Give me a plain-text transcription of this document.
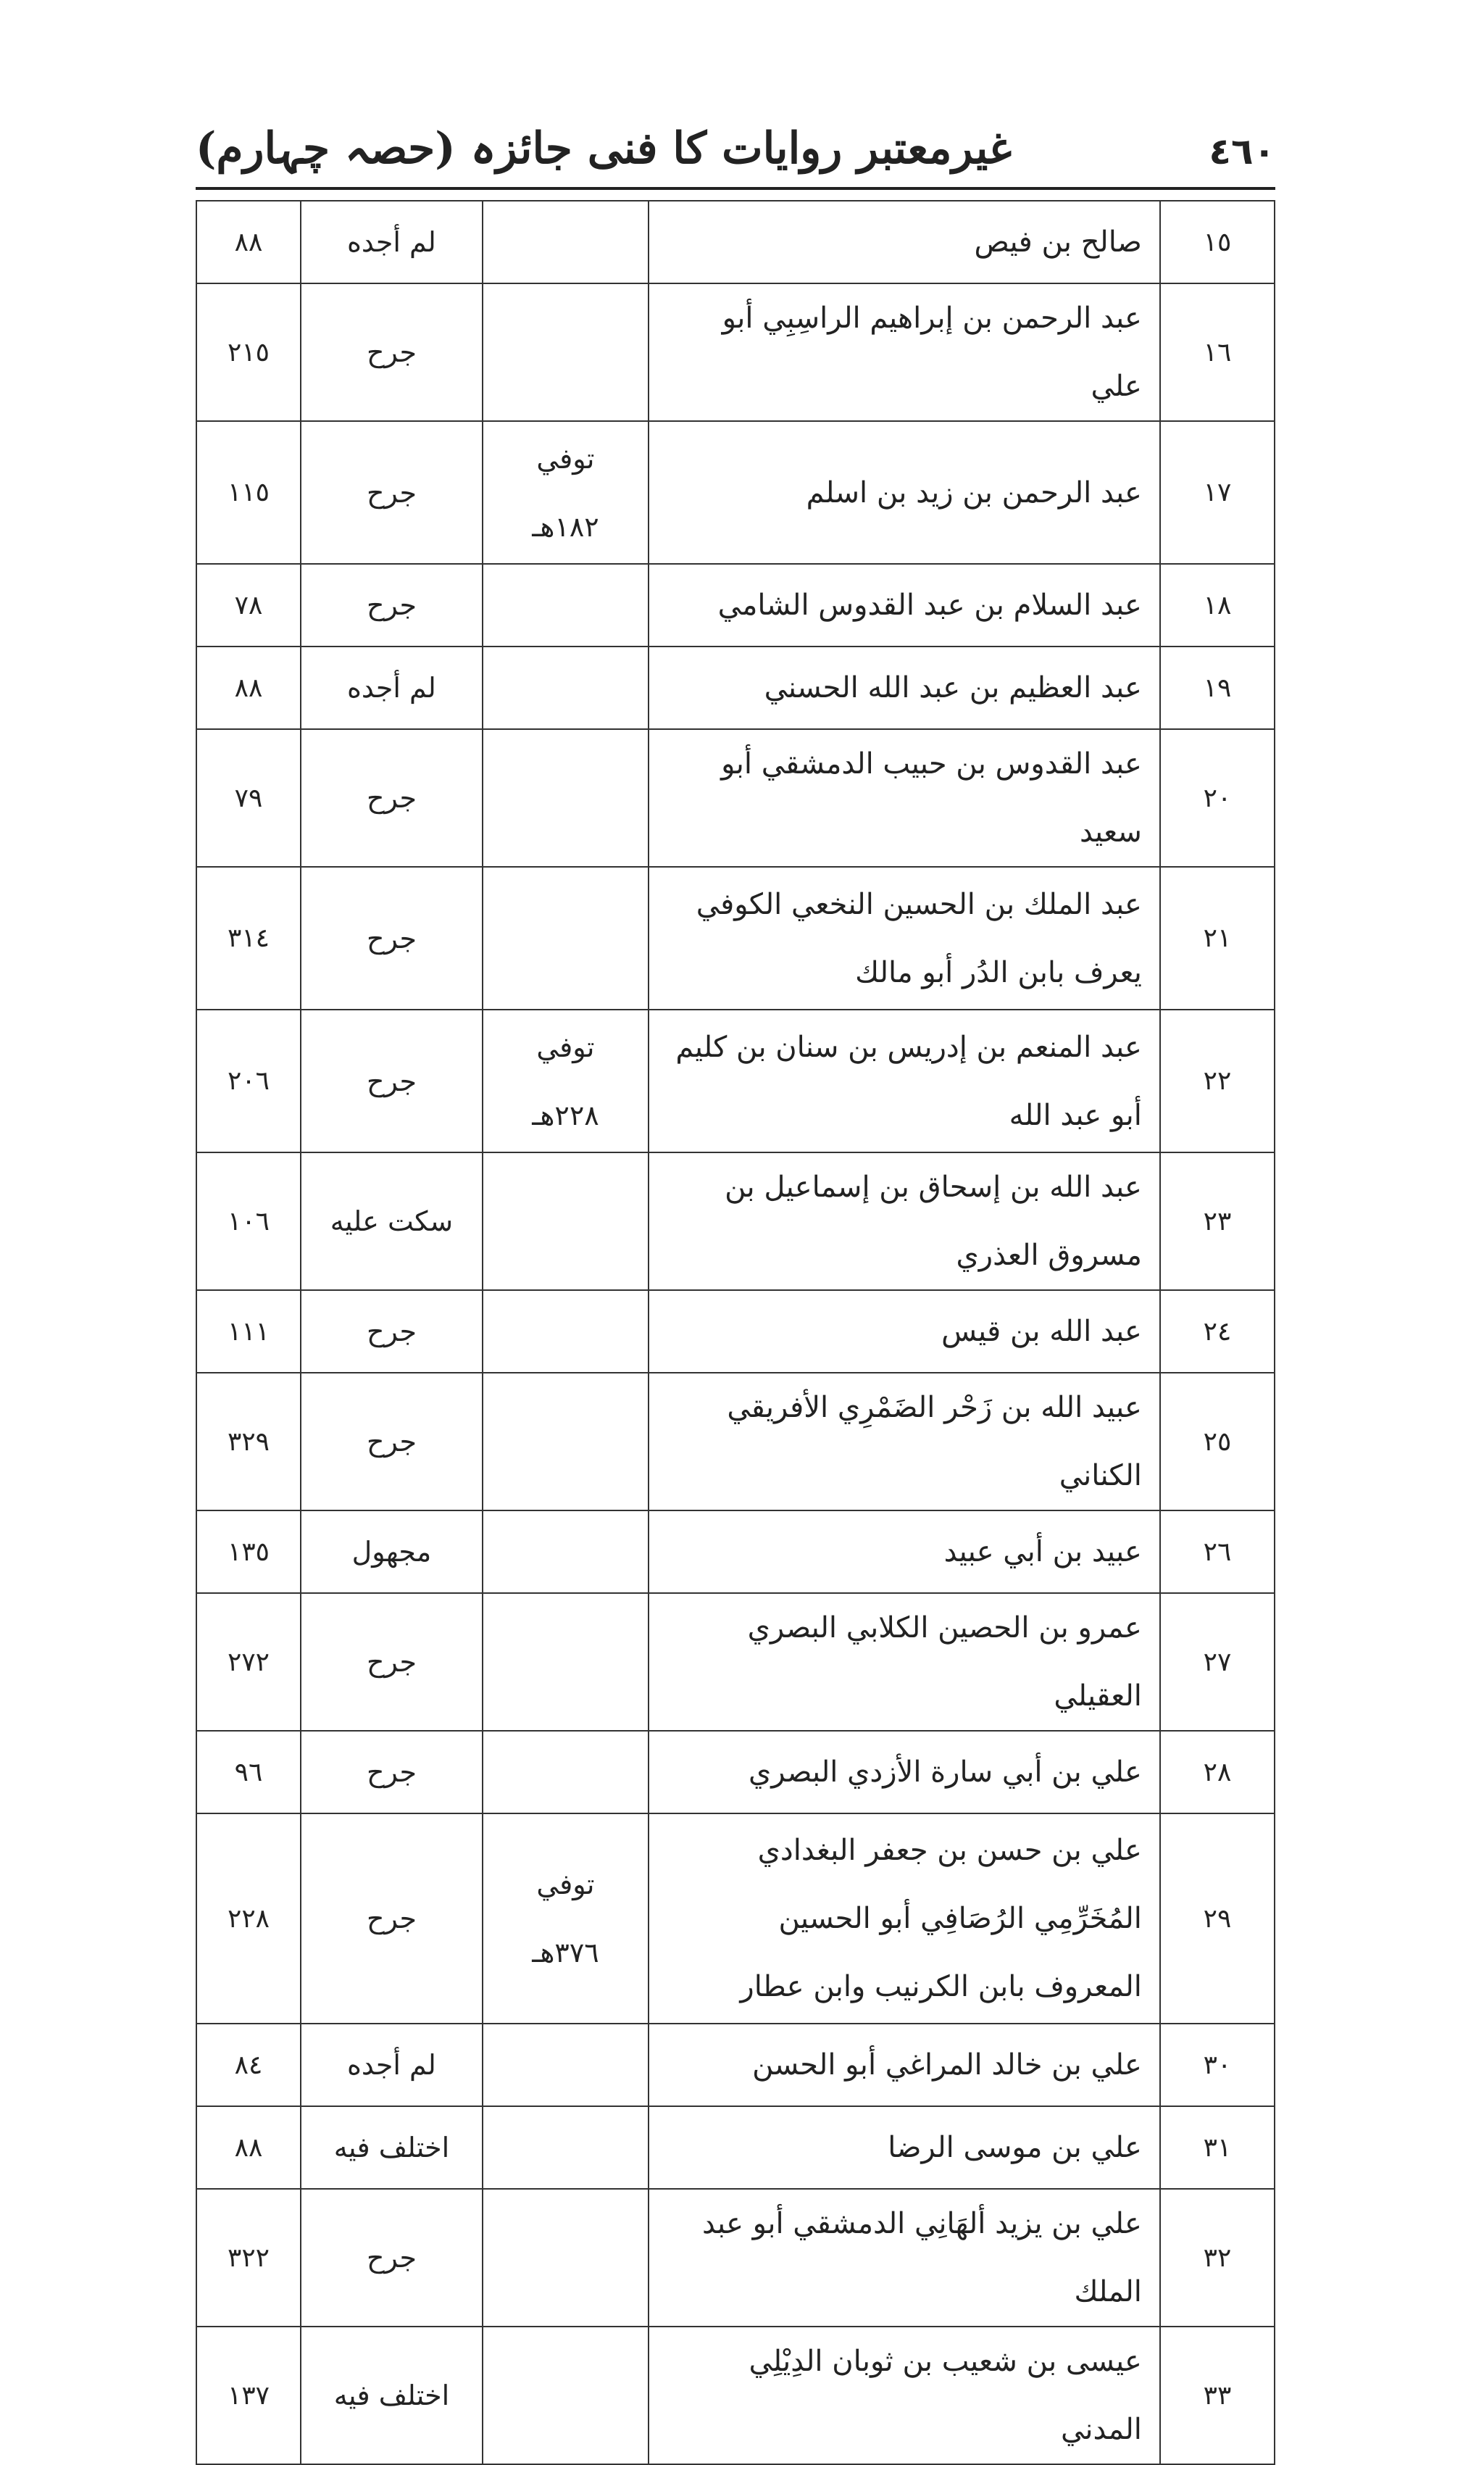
غیرمعتبر روایات کا فنی جائزہ (حصہ چہارم)	٤٦٠
١٥	صالح بن فيص		لم أجده	٨٨
١٦	عبد الرحمن بن إبراهيم الراسِبِي أبو علي		جرح	٢١٥
١٧	عبد الرحمن بن زيد بن اسلم	توفي ١٨٢هـ	جرح	١١٥
١٨	عبد السلام بن عبد القدوس الشامي		جرح	٧٨
١٩	عبد العظيم بن عبد الله الحسني		لم أجده	٨٨
٢٠	عبد القدوس بن حبيب الدمشقي أبو سعيد		جرح	٧٩
٢١	عبد الملك بن الحسين النخعي الكوفي يعرف بابن الدُر أبو مالك		جرح	٣١٤
٢٢	عبد المنعم بن إدريس بن سنان بن كليم أبو عبد الله	توفي ٢٢٨هـ	جرح	٢٠٦
٢٣	عبد الله بن إسحاق بن إسماعيل بن مسروق العذري		سكت عليه	١٠٦
٢٤	عبد الله بن قيس		جرح	١١١
٢٥	عبيد الله بن زَحْر الضَمْرِي الأفريقي الكناني		جرح	٣٢٩
٢٦	عبيد بن أبي عبيد		مجهول	١٣٥
٢٧	عمرو بن الحصين الكلابي البصري العقيلي		جرح	٢٧٢
٢٨	علي بن أبي سارة الأزدي البصري		جرح	٩٦
٢٩	علي بن حسن بن جعفر البغدادي المُخَرِّمِي الرُصَافِي أبو الحسين المعروف بابن الكرنيب وابن عطار	توفي ٣٧٦هـ	جرح	٢٢٨
٣٠	علي بن خالد المراغي أبو الحسن		لم أجده	٨٤
٣١	علي بن موسى الرضا		اختلف فيه	٨٨
٣٢	علي بن يزيد ألهَانِي الدمشقي أبو عبد الملك		جرح	٣٢٢
٣٣	عيسى بن شعيب بن ثوبان الدِيْلِي المدني		اختلف فيه	١٣٧
